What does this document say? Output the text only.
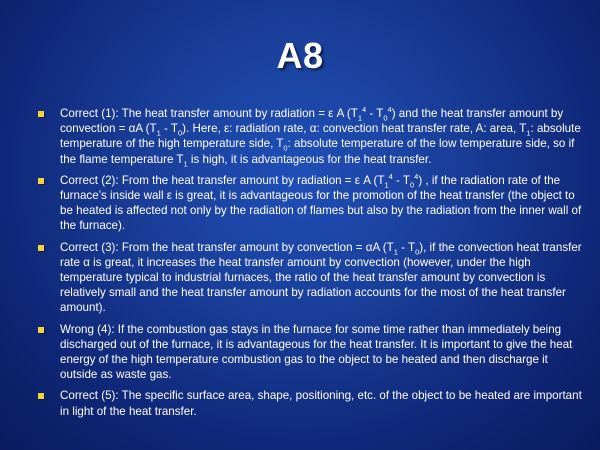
A8
Correct (1): The heat transfer amount by radiation = ε A $(T_1^4 - T_0^4)$ and the heat transfer amount by convection = αA $(T_1 - T_0)$. Here, ε: radiation rate, α: convection heat transfer rate, A: area, $T_1$: absolute temperature of the high temperature side, $T_0$: absolute temperature of the low temperature side, so if the flame temperature $T_1$ is high, it is advantageous for the heat transfer.
Correct (2): From the heat transfer amount by radiation = ε A $(T_1^4 - T_0^4)$ , if the radiation rate of the furnace’s inside wall ε is great, it is advantageous for the promotion of the heat transfer (the object to be heated is affected not only by the radiation of flames but also by the radiation from the inner wall of the furnace).
Correct (3): From the heat transfer amount by convection = αA $(T_1 - T_0)$, if the convection heat transfer rate α is great, it increases the heat transfer amount by convection (however, under the high temperature typical to industrial furnaces, the ratio of the heat transfer amount by convection is relatively small and the heat transfer amount by radiation accounts for the most of the heat transfer amount).
Wrong (4): If the combustion gas stays in the furnace for some time rather than immediately being discharged out of the furnace, it is advantageous for the heat transfer. It is important to give the heat energy of the high temperature combustion gas to the object to be heated and then discharge it outside as waste gas.
Correct (5): The specific surface area, shape, positioning, etc. of the object to be heated are important in light of the heat transfer.
